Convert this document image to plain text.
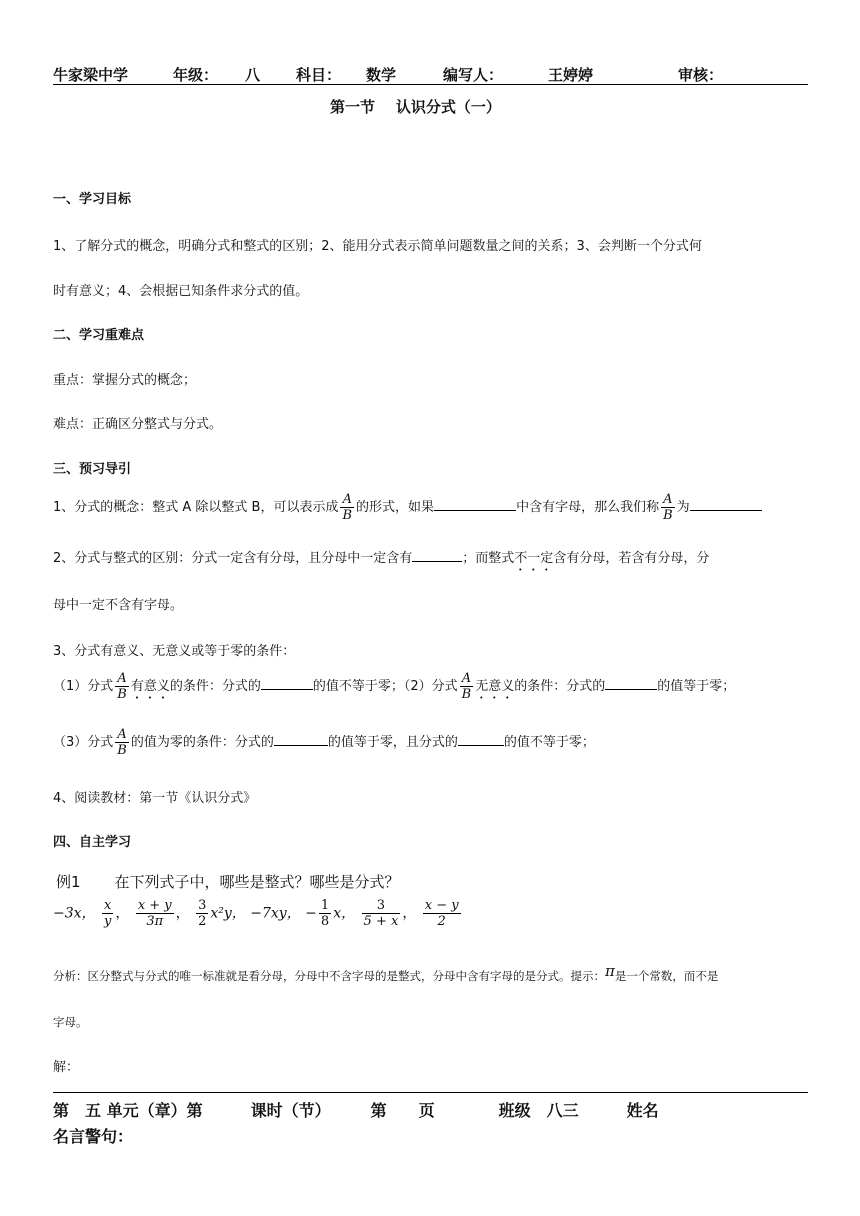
牛家梁中学	年级： 八 科目： 数学	编写人：	王婷婷	审核：
第一节    认识分式（一）
一、学习目标
1、了解分式的概念，明确分式和整式的区别；2、能用分式表示简单问题数量之间的关系；3、会判断一个分式何
时有意义；4、会根据已知条件求分式的值。
二、学习重难点
重点：掌握分式的概念；
难点：正确区分整式与分式。
三、预习导引
1、分式的概念：整式 A 除以整式 B，可以表示成 $\frac{A}{B}$ 的形式，如果	中含有字母，那么我们称 $\frac{A}{B}$ 为
2、分式与整式的区别：分式一定含有分母，且分母中一定含有	；而整式不一定含有分母，若含有分母，分
母中一定不含有字母。
3、分式有意义、无意义或等于零的条件：
（1）分式 $\frac{A}{B}$ 有意义的条件：分式的	的值不等于零；（2）分式 $\frac{A}{B}$ 无意义的条件：分式的	的值等于零；
（3）分式 $\frac{A}{B}$ 的值为零的条件：分式的	的值等于零，且分式的	的值不等于零；
4、阅读教材：第一节《认识分式》
四、自主学习
例1 在下列式子中，哪些是整式？哪些是分式？
−3x， $\frac{x}{y}$ ， $\frac{x + y}{3\pi}$ ， $\frac{3}{2} x^2y$， −7xy， − $\frac{1}{8}$ x， $\frac{3}{5 + x}$ ， $\frac{x - y}{2}$
分析：区分整式与分式的唯一标准就是看分母，分母中不含字母的是整式，分母中含有字母的是分式。提示：π是一个常数，而不是
字母。
解：
第　五 单元（章）第　　　课时（节）　　　第　　页　　　　班级　八三　　　姓名
名言警句：
